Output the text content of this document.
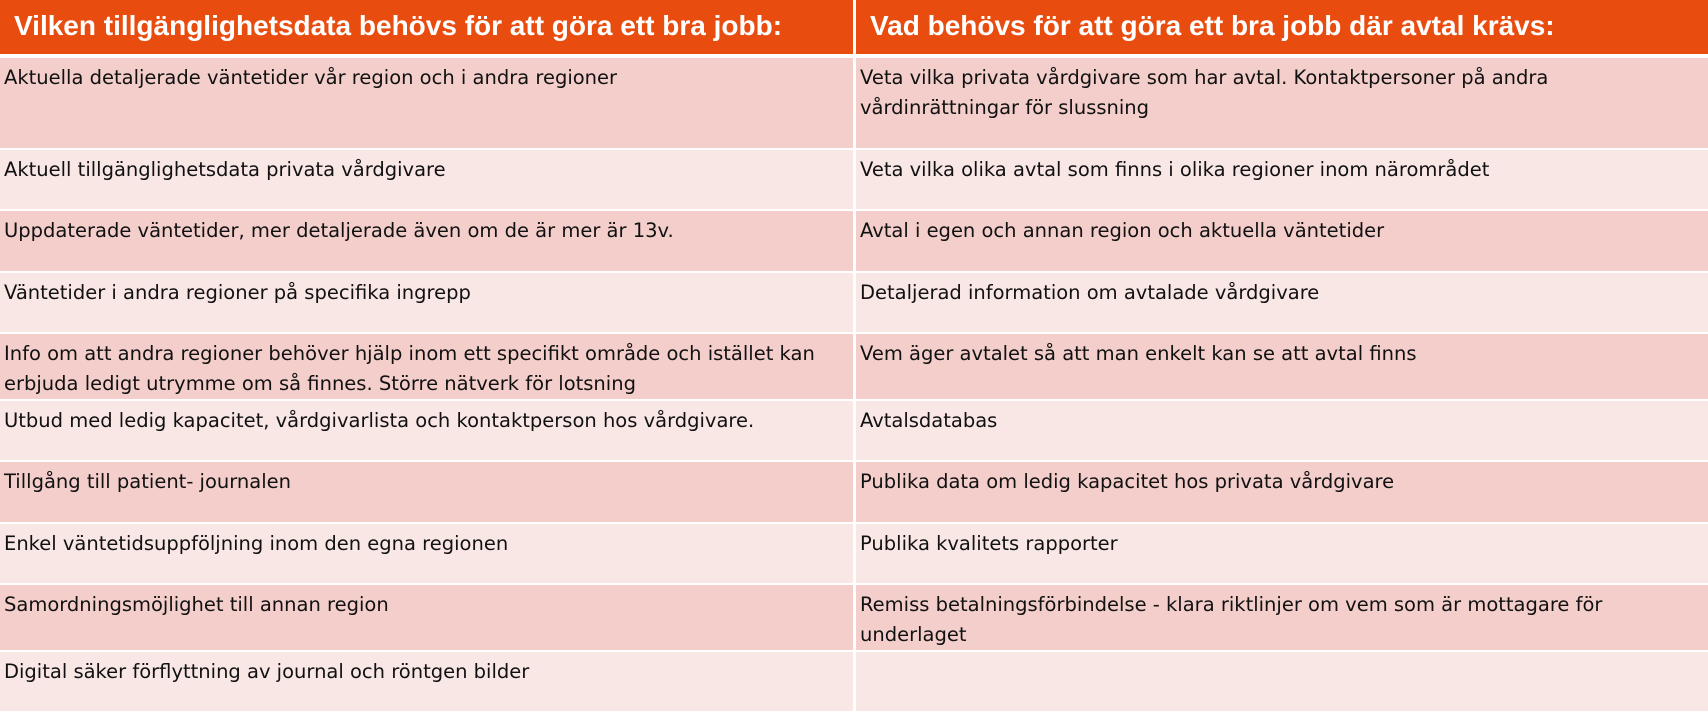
Vilken tillgänglighetsdata behövs för att göra ett bra jobb:	Vad behövs för att göra ett bra jobb där avtal krävs:
Aktuella detaljerade väntetider vår region och i andra regioner	Veta vilka privata vårdgivare som har avtal. Kontaktpersoner på andra vårdinrättningar för slussning
Aktuell tillgänglighetsdata privata vårdgivare	Veta vilka olika avtal som finns i olika regioner inom närområdet
Uppdaterade väntetider, mer detaljerade även om de är mer är 13v.	Avtal i egen och annan region och aktuella väntetider
Väntetider i andra regioner på specifika ingrepp	Detaljerad information om avtalade vårdgivare
Info om att andra regioner behöver hjälp inom ett specifikt område och istället kan erbjuda ledigt utrymme om så finnes. Större nätverk för lotsning	Vem äger avtalet så att man enkelt kan se att avtal finns
Utbud med ledig kapacitet, vårdgivarlista och kontaktperson hos vårdgivare.	Avtalsdatabas
Tillgång till patient- journalen	Publika data om ledig kapacitet hos privata vårdgivare
Enkel väntetidsuppföljning inom den egna regionen	Publika kvalitets rapporter
Samordningsmöjlighet till annan region	Remiss betalningsförbindelse - klara riktlinjer om vem som är mottagare för underlaget
Digital säker förflyttning av journal och röntgen bilder	
